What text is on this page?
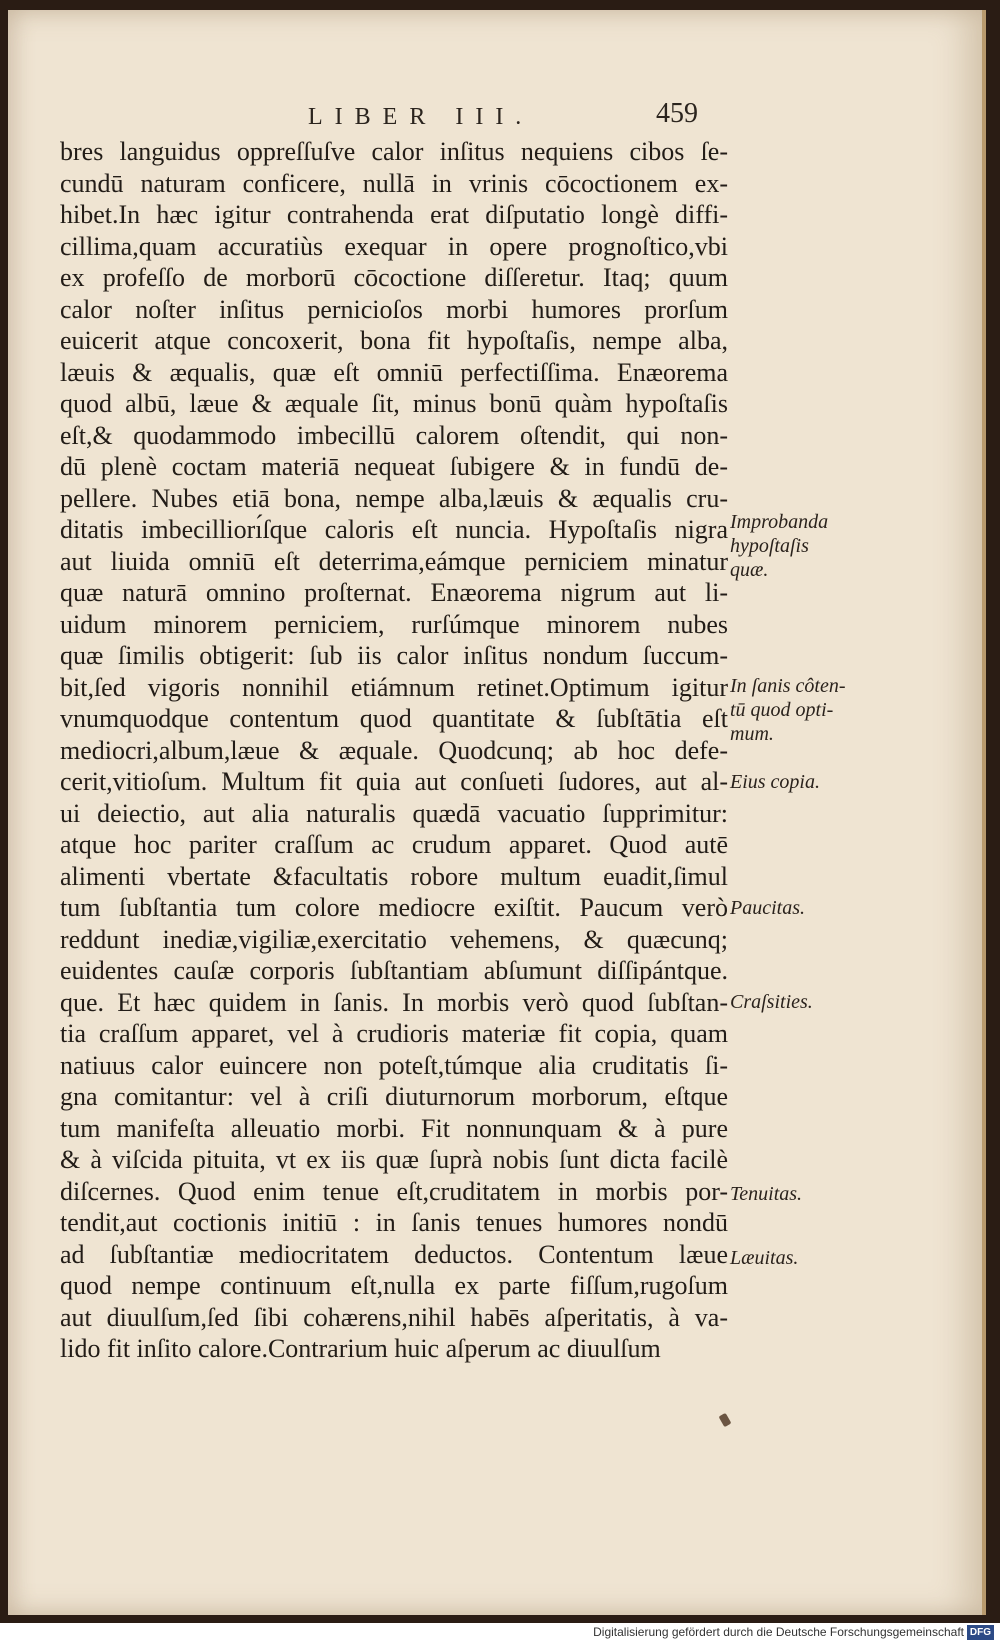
LIBER III.	459
bres languidus oppreſſuſve calor inſitus nequiens cibos ſe-
cundū naturam conficere, nullā in vrinis cōcoctionem ex-
hibet.In hæc igitur contrahenda erat diſputatio longè diffi-
cillima,quam accuratiùs exequar in opere prognoſtico,vbi
ex profeſſo de morborū cōcoctione diſſeretur. Itaq; quum
calor noſter inſitus pernicioſos morbi humores prorſum
euicerit atque concoxerit, bona fit hypoſtaſis, nempe alba,
læuis & æqualis, quæ eſt omniū perfectiſſima. Enæorema
quod albū, læue & æquale ſit, minus bonū quàm hypoſtaſis
eſt,& quodammodo imbecillū calorem oſtendit, qui non-
dū plenè coctam materiā nequeat ſubigere & in fundū de-
pellere. Nubes etiā bona, nempe alba,læuis & æqualis cru-
ditatis imbecilliorı́ſque caloris eſt nuncia. Hypoſtaſis nigra
aut liuida omniū eſt deterrima,eámque perniciem minatur
quæ naturā omnino proſternat. Enæorema nigrum aut li-
uidum minorem perniciem, rurſúmque minorem nubes
quæ ſimilis obtigerit: ſub iis calor inſitus nondum ſuccum-
bit,ſed vigoris nonnihil etiámnum retinet.Optimum igitur
vnumquodque contentum quod quantitate & ſubſtātia eſt
mediocri,album,læue & æquale. Quodcunq; ab hoc defe-
cerit,vitioſum. Multum fit quia aut conſueti ſudores, aut al-
ui deiectio, aut alia naturalis quædā vacuatio ſupprimitur:
atque hoc pariter craſſum ac crudum apparet. Quod autē
alimenti vbertate &facultatis robore multum euadit,ſimul
tum ſubſtantia tum colore mediocre exiſtit. Paucum verò
reddunt inediæ,vigiliæ,exercitatio vehemens, & quæcunq;
euidentes cauſæ corporis ſubſtantiam abſumunt diſſipántque.
que. Et hæc quidem in ſanis. In morbis verò quod ſubſtan-
tia craſſum apparet, vel à crudioris materiæ fit copia, quam
natiuus calor euincere non poteſt,túmque alia cruditatis ſi-
gna comitantur: vel à criſi diuturnorum morborum, eſtque
tum manifeſta alleuatio morbi. Fit nonnunquam & à pure
& à viſcida pituita, vt ex iis quæ ſuprà nobis ſunt dicta facilè
diſcernes. Quod enim tenue eſt,cruditatem in morbis por-
tendit,aut coctionis initiū : in ſanis tenues humores nondū
ad ſubſtantiæ mediocritatem deductos. Contentum læue
quod nempe continuum eſt,nulla ex parte fiſſum,rugoſum
aut diuulſum,ſed ſibi cohærens,nihil habēs aſperitatis, à va-
lido fit inſito calore.Contrarium huic aſperum ac diuulſum
Improbanda
hypoſtaſis
quæ.
In ſanis côten-
tū quod opti-
mum.
Eius copia.
Paucitas.
Craſsities.
Tenuitas.
Læuitas.
Digitalisierung gefördert durch die Deutsche Forschungsgemeinschaft DFG
